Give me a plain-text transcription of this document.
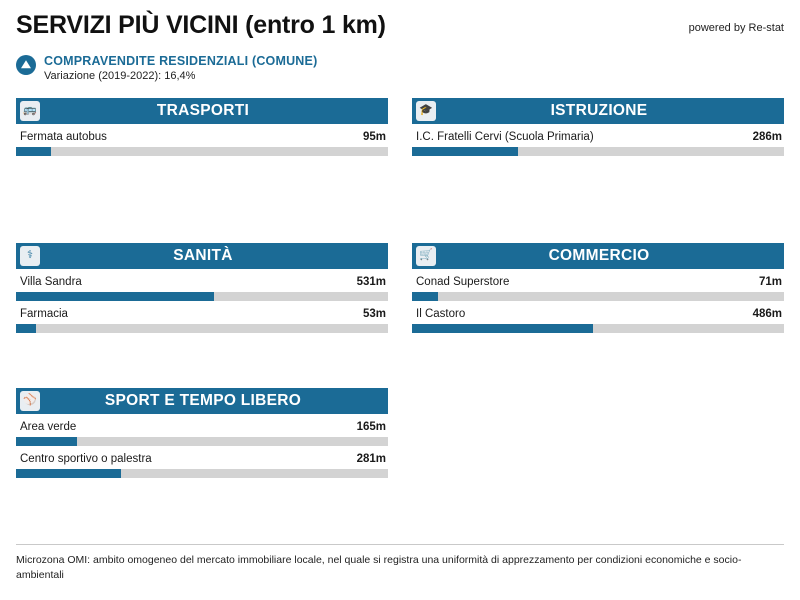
SERVIZI PIÙ VICINI (entro 1 km)	powered by Re-stat
COMPRAVENDITE RESIDENZIALI (COMUNE)
Variazione (2019-2022): 16,4%
🚌	TRASPORTI
Fermata autobus	95m
⚕	SANITÀ
Villa Sandra	531m
Farmacia	53m
⚾	SPORT E TEMPO LIBERO
Area verde	165m
Centro sportivo o palestra	281m
🎓	ISTRUZIONE
I.C. Fratelli Cervi (Scuola Primaria)	286m
🛒	COMMERCIO
Conad Superstore	71m
Il Castoro	486m
Microzona OMI: ambito omogeneo del mercato immobiliare locale, nel quale si registra una uniformità di apprezzamento per condizioni economiche e socio-ambientali
